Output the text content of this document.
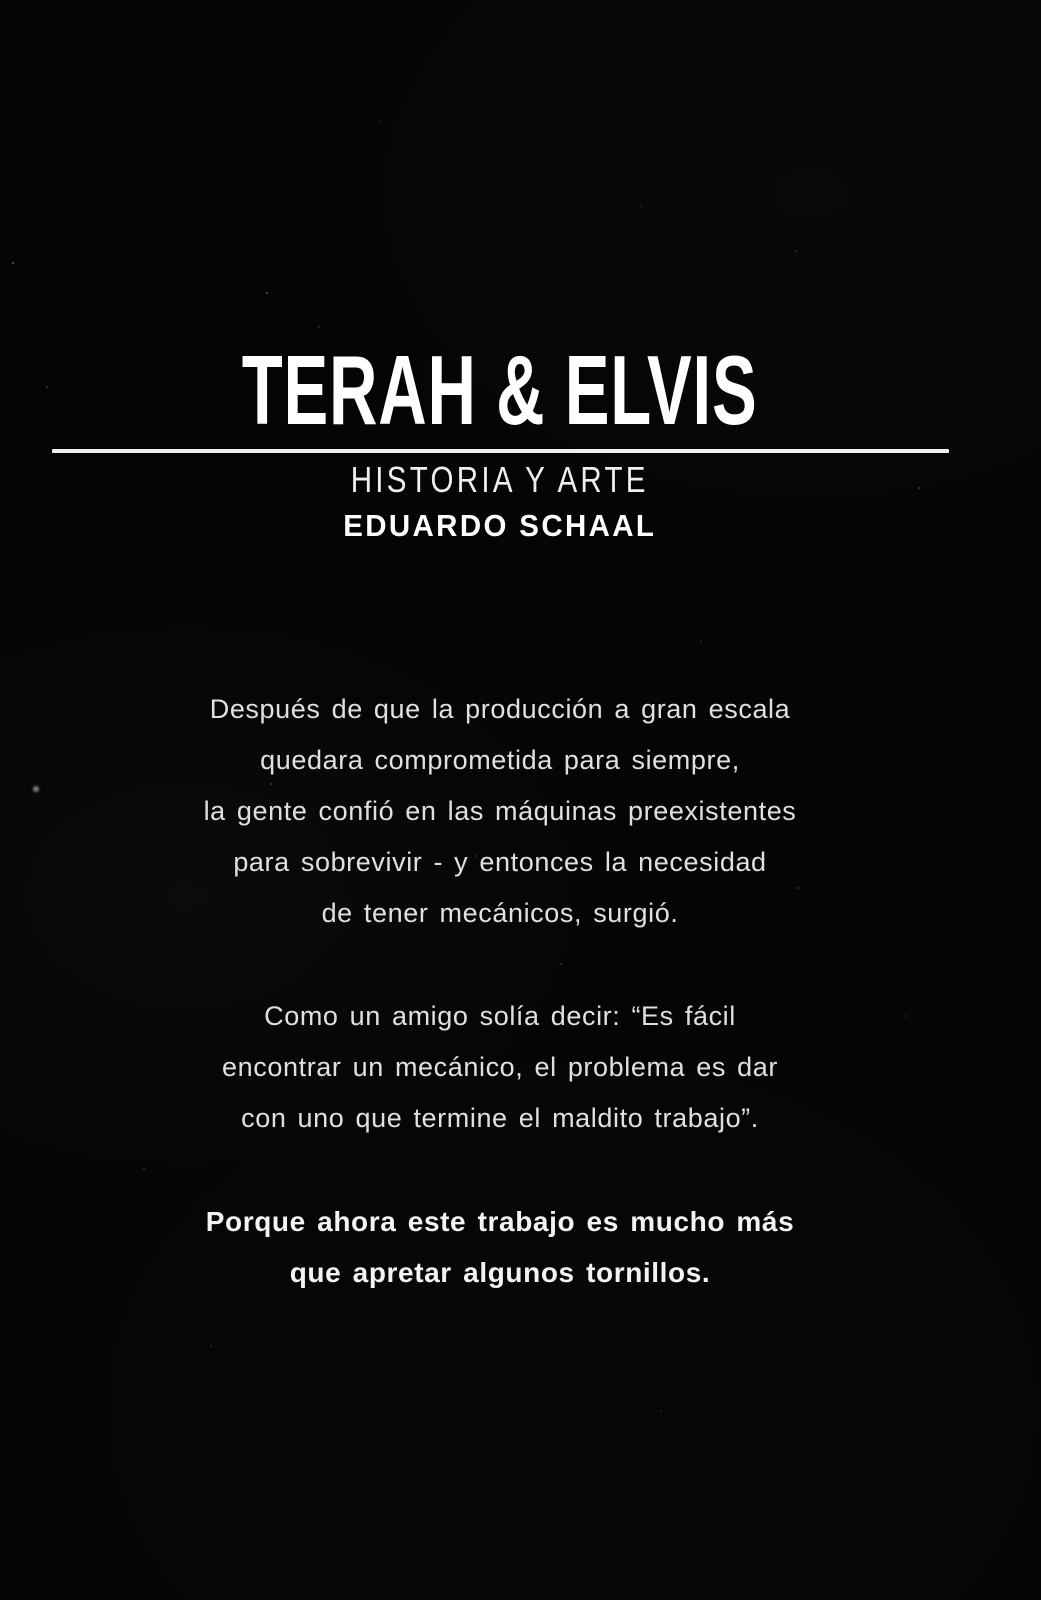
TERAH & ELVIS
HISTORIA Y ARTE
EDUARDO SCHAAL

Después de que la producción a gran escala
quedara comprometida para siempre,
la gente confió en las máquinas preexistentes
para sobrevivir - y entonces la necesidad
de tener mecánicos, surgió.

Como un amigo solía decir: “Es fácil
encontrar un mecánico, el problema es dar
con uno que termine el maldito trabajo”.

Porque ahora este trabajo es mucho más
que apretar algunos tornillos.
